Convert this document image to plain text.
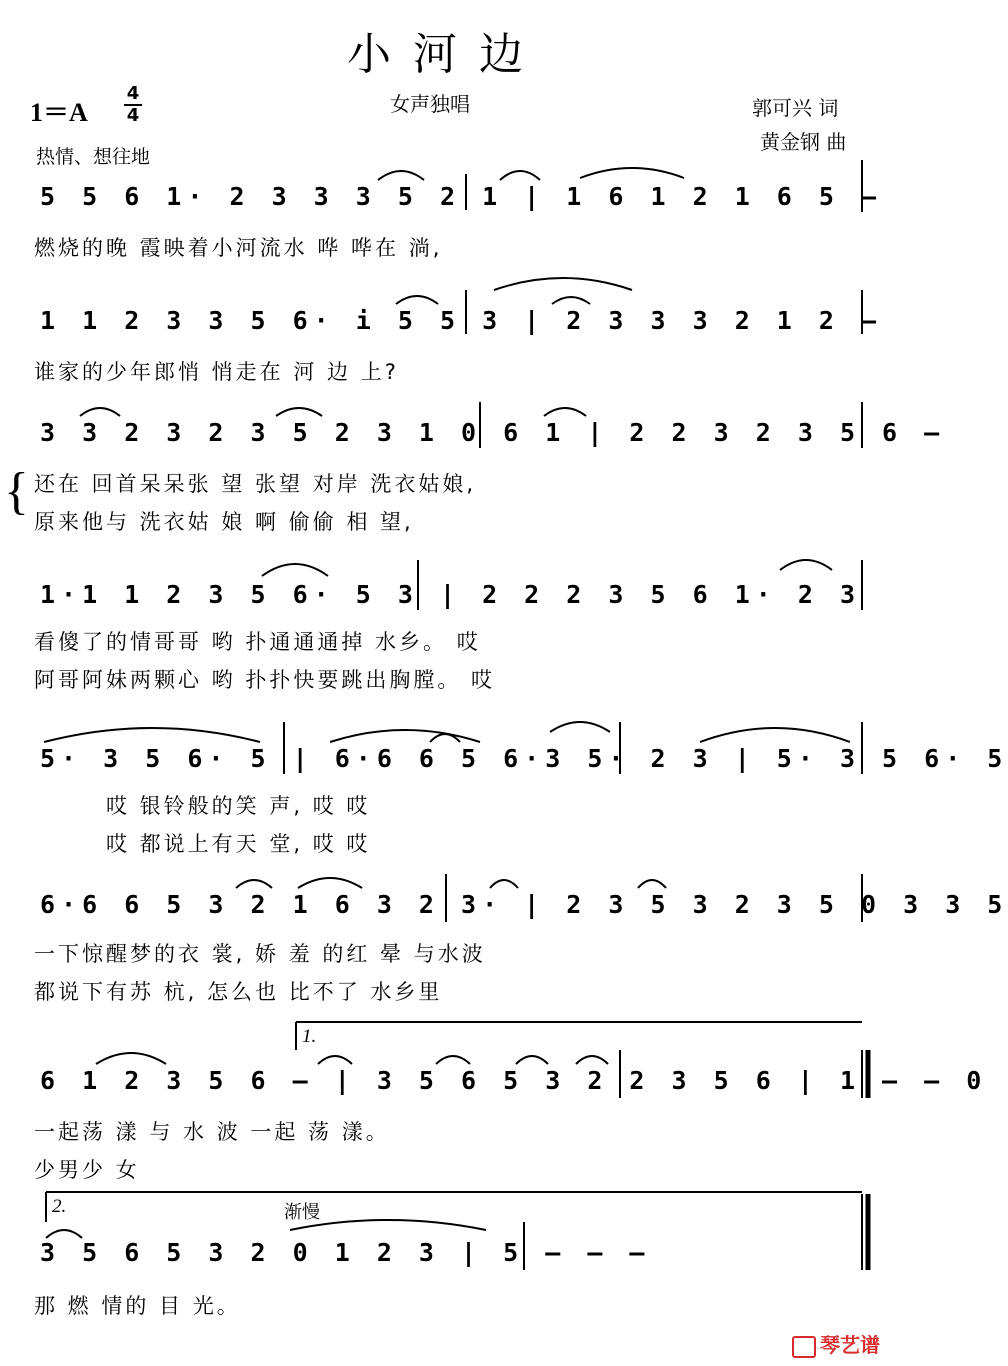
小河边
1＝A
4
4	女声独唱	郭可兴 词
黄金钢 曲
热情、想往地
5 5 6 1· 2 3 3 3 5 2 1 | 1 6 1 2 1 6 5 –
燃烧的晚 霞映着小河流水 哗 哗在 淌,
1 1 2 3 3 5 6· i 5 5 3 | 2 3 3 3 2 1 2 –
谁家的少年郎悄 悄走在 河 边 上?
3 3 2 3 2 3 5 2 3 1 0 6 1 | 2 2 3 2 3 5 6 –
{ 还在 回首呆呆张 望 张望 对岸 洗衣姑娘,
原来他与 洗衣姑 娘 啊 偷偷 相 望,
1·1 1 2 3 5 6· 5 3 | 2 2 2 3 5 6 1· 2 3
看傻了的情哥哥 哟 扑通通通掉 水乡。 哎
阿哥阿妹两颗心 哟 扑扑快要跳出胸膛。 哎
5· 3 5 6· 5 | 6·6 6 5 6·3 5· 2 3 | 5· 3 5 6· 5
哎 银铃般的笑 声, 哎 哎
哎 都说上有天 堂, 哎 哎
6·6 6 5 3 2 1 6 3 2 3· | 2 3 5 3 2 3 5 0 3 3 5
一下惊醒梦的衣 裳, 娇 羞 的红 晕 与水波
都说下有苏 杭, 怎么也 比不了 水乡里
1.
6 1 2 3 5 6 – | 3 5 6 5 3 2 2 3 5 6 | 1 – – 0
一起荡 漾 与 水 波 一起 荡 漾。
少男少 女
2.	渐慢
3 5 6 5 3 2 0 1 2 3 | 5 – – –
那 燃 情的 目 光。
琴艺谱
